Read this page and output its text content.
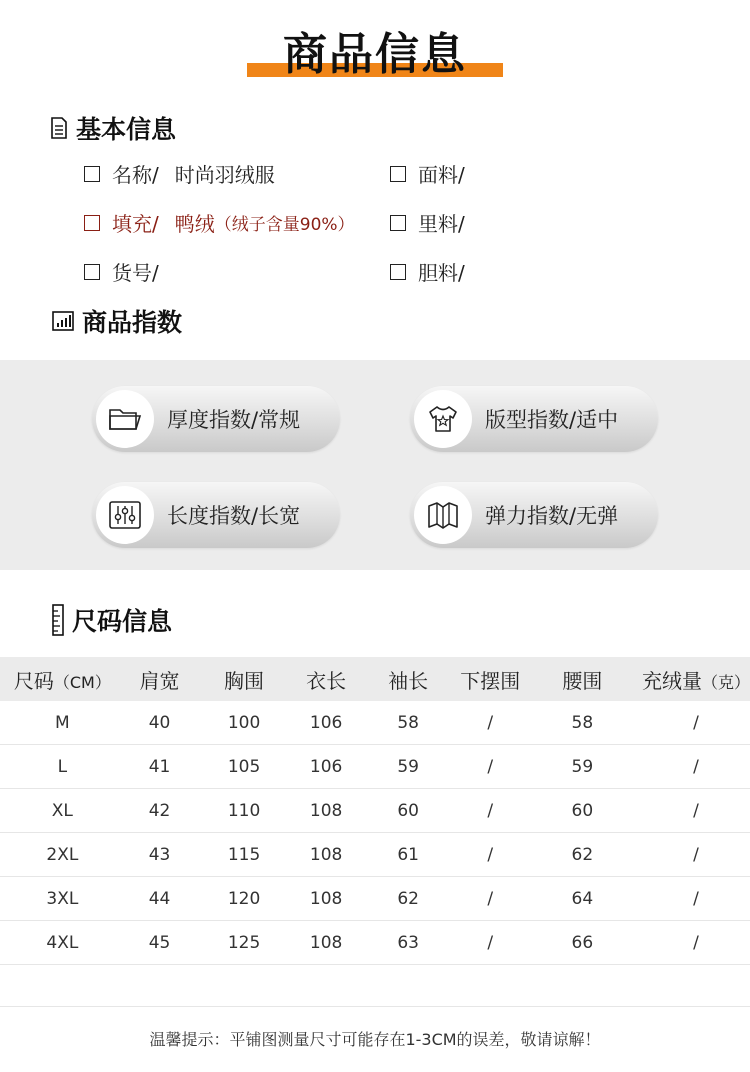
商品信息
基本信息
名称/ 时尚羽绒服	面料/
填充/ 鸭绒 （绒子含量90%）	里料/
货号/	胆料/
商品指数
厚度指数/常规	版型指数/适中
长度指数/长宽	弹力指数/无弹
尺码信息
尺码（CM）	肩宽	胸围	衣长	袖长	下摆围	腰围	充绒量（克）
M	40	100	106	58	/	58	/
L	41	105	106	59	/	59	/
XL	42	110	108	60	/	60	/
2XL	43	115	108	61	/	62	/
3XL	44	120	108	62	/	64	/
4XL	45	125	108	63	/	66	/
温馨提示：平铺图测量尺寸可能存在1-3CM的误差，敬请谅解！
